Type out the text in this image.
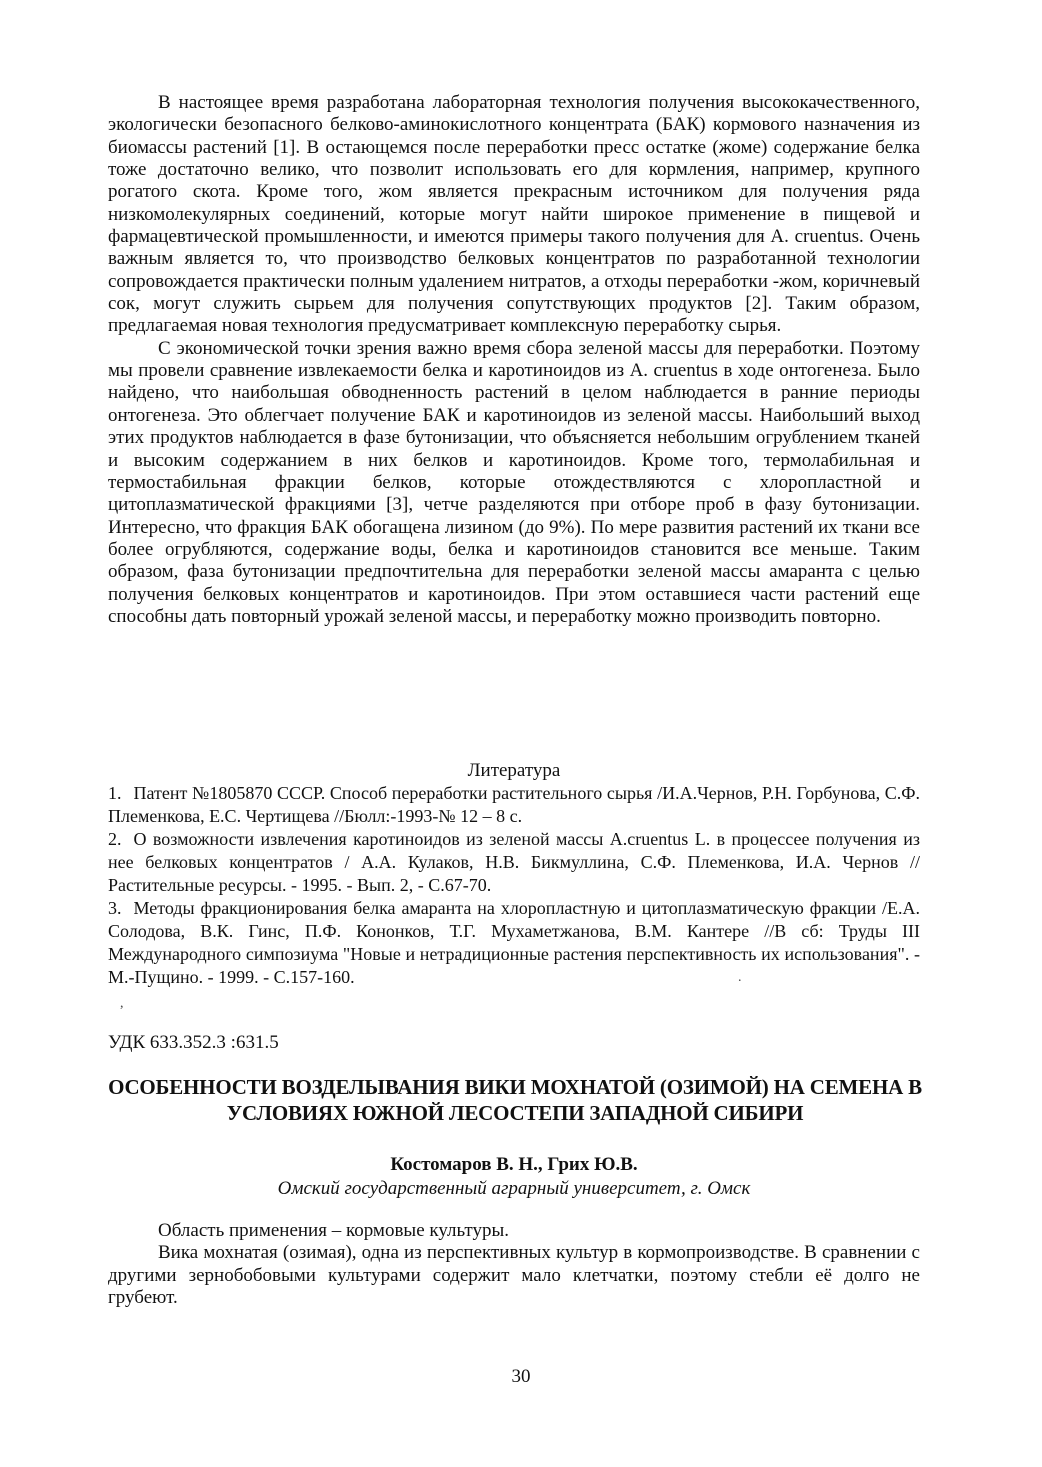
В настоящее время разработана лабораторная технология получения высококачественного, экологически безопасного белково-аминокислотного концентрата (БАК) кормового назначения из биомассы растений [1]. В остающемся после переработки пресс остатке (жоме) содержание белка тоже достаточно велико, что позволит использовать его для кормления, например, крупного рогатого скота. Кроме того, жом является прекрасным источником для получения ряда низкомолекулярных соединений, которые могут найти широкое применение в пищевой и фармацевтической промышленности, и имеются примеры такого получения для A. cruentus. Очень важным является то, что производство белковых концентратов по разработанной технологии сопровождается практически полным удалением нитратов, а отходы переработки -жом, коричневый сок, могут служить сырьем для получения сопутствующих продуктов [2]. Таким образом, предлагаемая новая технология предусматривает комплексную переработку сырья.

С экономической точки зрения важно время сбора зеленой массы для переработки. Поэтому мы провели сравнение извлекаемости белка и каротиноидов из A. cruentus в ходе онтогенеза. Было найдено, что наибольшая обводненность растений в целом наблюдается в ранние периоды онтогенеза. Это облегчает получение БАК и каротиноидов из зеленой массы. Наибольший выход этих продуктов наблюдается в фазе бутонизации, что объясняется небольшим огрублением тканей и высоким содержанием в них белков и каротиноидов. Кроме того, термолабильная и термостабильная фракции белков, которые отождествляются с хлоропластной и цитоплазматической фракциями [3], четче разделяются при отборе проб в фазу бутонизации. Интересно, что фракция БАК обогащена лизином (до 9%). По мере развития растений их ткани все более огрубляются, содержание воды, белка и каротиноидов становится все меньше. Таким образом, фаза бутонизации предпочтительна для переработки зеленой массы амаранта с целью получения белковых концентратов и каротиноидов. При этом оставшиеся части растений еще способны дать повторный урожай зеленой массы, и переработку можно производить повторно.

Литература
1. Патент №1805870 СССР. Способ переработки растительного сырья /И.А.Чернов, Р.Н. Горбунова, С.Ф. Племенкова, Е.С. Чертищева //Бюлл:-1993-№ 12 – 8 с.
2. О возможности извлечения каротиноидов из зеленой массы A.cruentus L. в процессее получения из нее белковых концентратов / А.А. Кулаков, Н.В. Бикмуллина, С.Ф. Племенкова, И.А. Чернов //Растительные ресурсы. - 1995. - Вып. 2, - С.67-70.
3. Методы фракционирования белка амаранта на хлоропластную и цитоплазматическую фракции /Е.А. Солодова, В.К. Гинс, П.Ф. Кононков, Т.Г. Мухаметжанова, В.М. Кантере //В сб: Труды III Международного симпозиума "Новые и нетрадиционные растения перспективность их использования". - М.-Пущино. - 1999. - С.157-160.
,
.
УДК 633.352.3 :631.5
ОСОБЕННОСТИ ВОЗДЕЛЫВАНИЯ ВИКИ МОХНАТОЙ (ОЗИМОЙ) НА СЕМЕНА В УСЛОВИЯХ ЮЖНОЙ ЛЕСОСТЕПИ ЗАПАДНОЙ СИБИРИ
Костомаров В. Н., Грих Ю.В.
Омский государственный аграрный университет, г. Омск

Область применения – кормовые культуры.

Вика мохнатая (озимая), одна из перспективных культур в кормопроизводстве. В сравнении с другими зернобобовыми культурами содержит мало клетчатки, поэтому стебли её долго не грубеют.

30
